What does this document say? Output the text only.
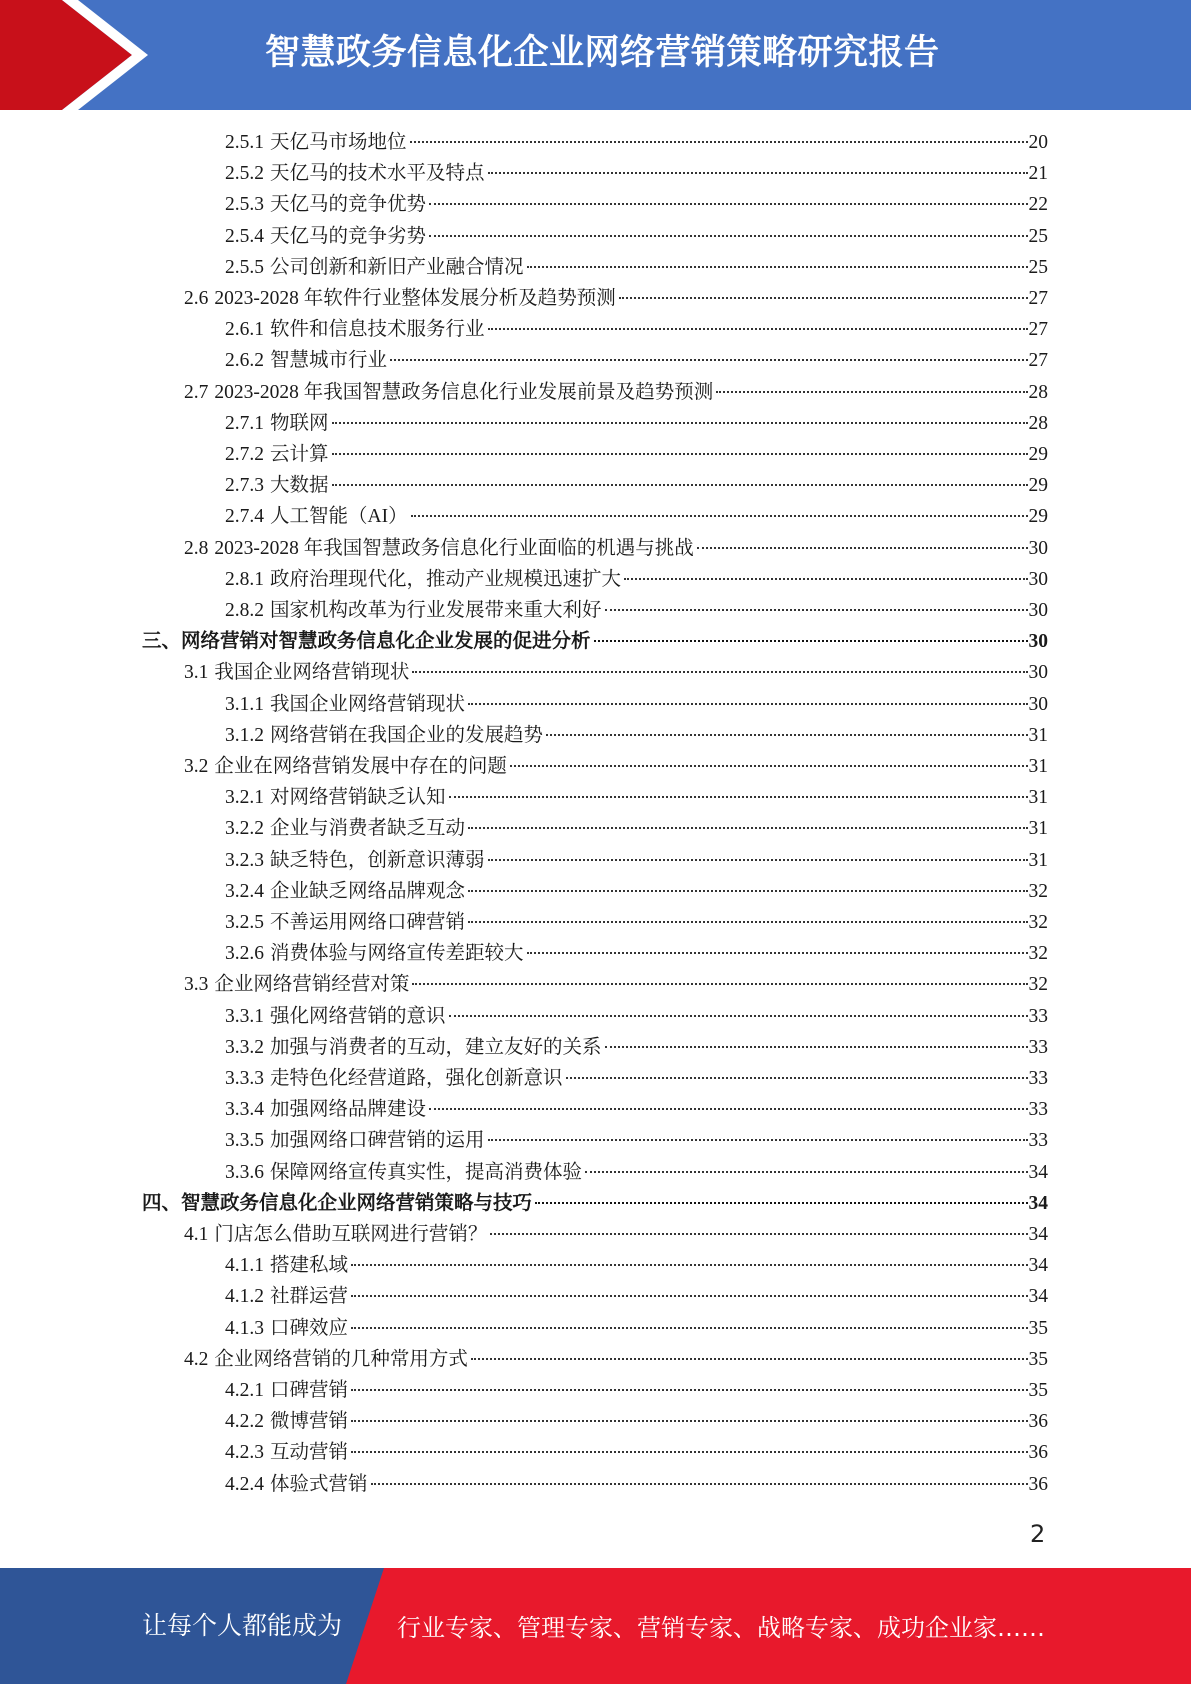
智慧政务信息化企业网络营销策略研究报告
2.5.1 天亿马市场地位	20
2.5.2 天亿马的技术水平及特点	21
2.5.3 天亿马的竞争优势	22
2.5.4 天亿马的竞争劣势	25
2.5.5 公司创新和新旧产业融合情况	25
2.6 2023-2028 年软件行业整体发展分析及趋势预测	27
2.6.1 软件和信息技术服务行业	27
2.6.2 智慧城市行业	27
2.7 2023-2028 年我国智慧政务信息化行业发展前景及趋势预测	28
2.7.1 物联网	28
2.7.2 云计算	29
2.7.3 大数据	29
2.7.4 人工智能（AI）	29
2.8 2023-2028 年我国智慧政务信息化行业面临的机遇与挑战	30
2.8.1 政府治理现代化，推动产业规模迅速扩大	30
2.8.2 国家机构改革为行业发展带来重大利好	30
三、网络营销对智慧政务信息化企业发展的促进分析	30
3.1 我国企业网络营销现状	30
3.1.1 我国企业网络营销现状	30
3.1.2 网络营销在我国企业的发展趋势	31
3.2 企业在网络营销发展中存在的问题	31
3.2.1 对网络营销缺乏认知	31
3.2.2 企业与消费者缺乏互动	31
3.2.3 缺乏特色，创新意识薄弱	31
3.2.4 企业缺乏网络品牌观念	32
3.2.5 不善运用网络口碑营销	32
3.2.6 消费体验与网络宣传差距较大	32
3.3 企业网络营销经营对策	32
3.3.1 强化网络营销的意识	33
3.3.2 加强与消费者的互动，建立友好的关系	33
3.3.3 走特色化经营道路，强化创新意识	33
3.3.4 加强网络品牌建设	33
3.3.5 加强网络口碑营销的运用	33
3.3.6 保障网络宣传真实性，提高消费体验	34
四、智慧政务信息化企业网络营销策略与技巧	34
4.1 门店怎么借助互联网进行营销？	34
4.1.1 搭建私域	34
4.1.2 社群运营	34
4.1.3 口碑效应	35
4.2 企业网络营销的几种常用方式	35
4.2.1 口碑营销	35
4.2.2 微博营销	36
4.2.3 互动营销	36
4.2.4 体验式营销	36
2
让每个人都能成为 行业专家、管理专家、营销专家、战略专家、成功企业家……
